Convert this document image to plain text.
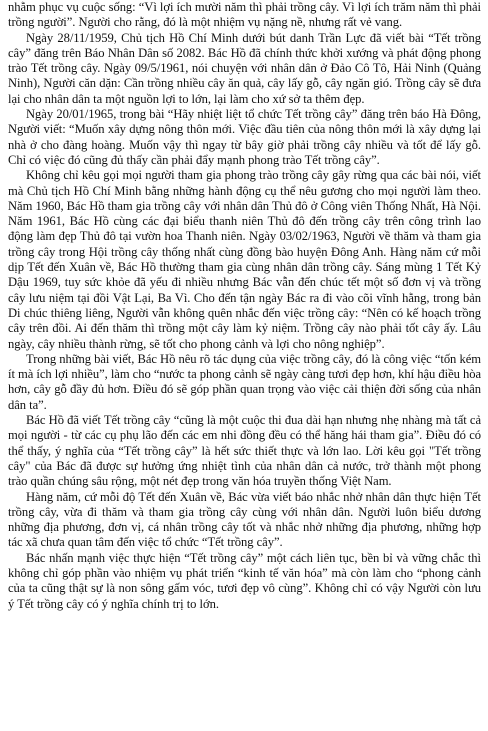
nhằm phục vụ cuộc sống: “Vì lợi ích mười năm thì phải trồng cây. Vì lợi ích trăm năm thì phải trồng người”. Người cho rằng, đó là một nhiệm vụ nặng nề, nhưng rất vẻ vang.

Ngày 28/11/1959, Chủ tịch Hồ Chí Minh dưới bút danh Trần Lực đã viết bài “Tết trồng cây” đăng trên Báo Nhân Dân số 2082. Bác Hồ đã chính thức khởi xướng và phát động phong trào Tết trồng cây. Ngày 09/5/1961, nói chuyện với nhân dân ở Đảo Cô Tô, Hải Ninh (Quảng Ninh), Người căn dặn: Cần trồng nhiều cây ăn quả, cây lấy gỗ, cây ngăn gió. Trồng cây sẽ đưa lại cho nhân dân ta một nguồn lợi to lớn, lại làm cho xứ sở ta thêm đẹp.

Ngày 20/01/1965, trong bài “Hãy nhiệt liệt tổ chức Tết trồng cây” đăng trên báo Hà Đông, Người viết: “Muốn xây dựng nông thôn mới. Việc đầu tiên của nông thôn mới là xây dựng lại nhà ở cho đàng hoàng. Muốn vậy thì ngay từ bây giờ phải trồng cây nhiều và tốt để lấy gỗ. Chỉ có việc đó cũng đủ thấy cần phải đẩy mạnh phong trào Tết trồng cây”.

Không chỉ kêu gọi mọi người tham gia phong trào trồng cây gây rừng qua các bài nói, viết mà Chủ tịch Hồ Chí Minh bằng những hành động cụ thể nêu gương cho mọi người làm theo. Năm 1960, Bác Hồ tham gia trồng cây với nhân dân Thủ đô ở Công viên Thống Nhất, Hà Nội. Năm 1961, Bác Hồ cùng các đại biểu thanh niên Thủ đô đến trồng cây trên công trình lao động làm đẹp Thủ đô tại vườn hoa Thanh niên. Ngày 03/02/1963, Người về thăm và tham gia trồng cây trong Hội trồng cây thống nhất cùng đồng bào huyện Đông Anh. Hàng năm cứ mỗi dịp Tết đến Xuân về, Bác Hồ thường tham gia cùng nhân dân trồng cây. Sáng mùng 1 Tết Kỷ Dậu 1969, tuy sức khỏe đã yếu đi nhiều nhưng Bác vẫn đến chúc tết một số đơn vị và trồng cây lưu niệm tại đồi Vật Lại, Ba Vì. Cho đến tận ngày Bác ra đi vào cõi vĩnh hằng, trong bản Di chúc thiêng liêng, Người vẫn không quên nhắc đến việc trồng cây: “Nên có kế hoạch trồng cây trên đồi. Ai đến thăm thì trồng một cây làm kỷ niệm. Trồng cây nào phải tốt cây ấy. Lâu ngày, cây nhiều thành rừng, sẽ tốt cho phong cảnh và lợi cho nông nghiệp”.

Trong những bài viết, Bác Hồ nêu rõ tác dụng của việc trồng cây, đó là công việc “tốn kém ít mà ích lợi nhiều”, làm cho “nước ta phong cảnh sẽ ngày càng tươi đẹp hơn, khí hậu điều hòa hơn, cây gỗ đầy đủ hơn. Điều đó sẽ góp phần quan trọng vào việc cải thiện đời sống của nhân dân ta”.

Bác Hồ đã viết Tết trồng cây “cũng là một cuộc thi đua dài hạn nhưng nhẹ nhàng mà tất cả mọi người - từ các cụ phụ lão đến các em nhi đồng đều có thể hăng hái tham gia”. Điều đó có thể thấy, ý nghĩa của “Tết trồng cây” là hết sức thiết thực và lớn lao. Lời kêu gọi "Tết trồng cây" của Bác đã được sự hưởng ứng nhiệt tình của nhân dân cả nước, trở thành một phong trào quần chúng sâu rộng, một nét đẹp trong văn hóa truyền thống Việt Nam.

Hàng năm, cứ mỗi độ Tết đến Xuân về, Bác vừa viết báo nhắc nhở nhân dân thực hiện Tết trồng cây, vừa đi thăm và tham gia trồng cây cùng với nhân dân. Người luôn biểu dương những địa phương, đơn vị, cá nhân trồng cây tốt và nhắc nhở những địa phương, những hợp tác xã chưa quan tâm đến việc tổ chức “Tết trồng cây”.

Bác nhấn mạnh việc thực hiện “Tết trồng cây” một cách liên tục, bền bỉ và vững chắc thì không chỉ góp phần vào nhiệm vụ phát triển “kinh tế văn hóa” mà còn làm cho “phong cảnh của ta cũng thật sự là non sông gấm vóc, tươi đẹp vô cùng”. Không chỉ có vậy Người còn lưu ý Tết trồng cây có ý nghĩa chính trị to lớn.
